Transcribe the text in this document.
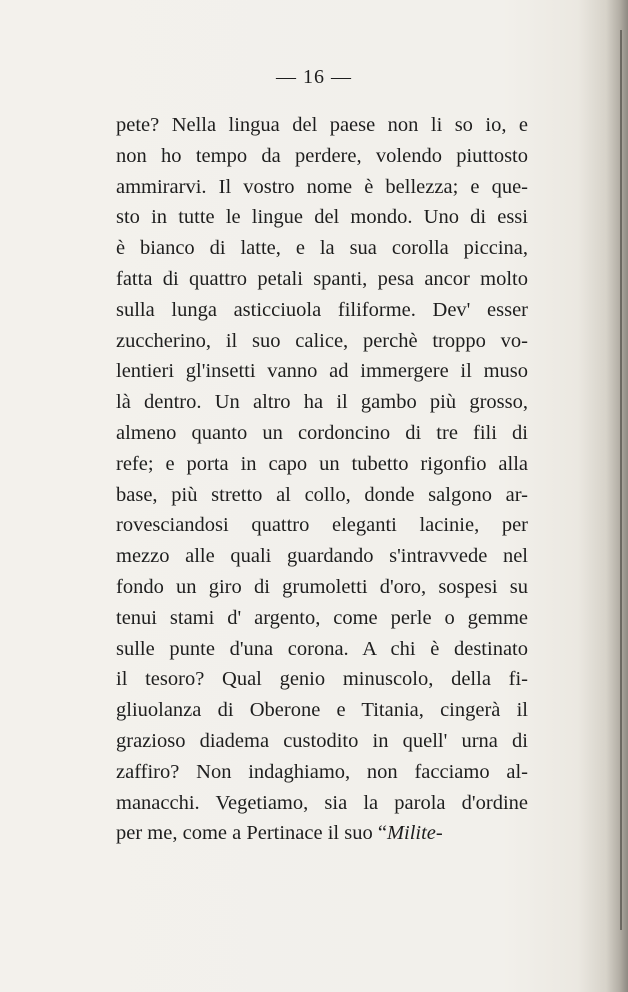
— 16 —
pete? Nella lingua del paese non li so io, e
non ho tempo da perdere, volendo piuttosto
ammirarvi. Il vostro nome è bellezza; e que-
sto in tutte le lingue del mondo. Uno di essi
è bianco di latte, e la sua corolla piccina,
fatta di quattro petali spanti, pesa ancor molto
sulla lunga asticciuola filiforme. Dev' esser
zuccherino, il suo calice, perchè troppo vo-
lentieri gl'insetti vanno ad immergere il muso
là dentro. Un altro ha il gambo più grosso,
almeno quanto un cordoncino di tre fili di
refe; e porta in capo un tubetto rigonfio alla
base, più stretto al collo, donde salgono ar-
rovesciandosi quattro eleganti lacinie, per
mezzo alle quali guardando s'intravvede nel
fondo un giro di grumoletti d'oro, sospesi su
tenui stami d' argento, come perle o gemme
sulle punte d'una corona. A chi è destinato
il tesoro? Qual genio minuscolo, della fi-
gliuolanza di Oberone e Titania, cingerà il
grazioso diadema custodito in quell' urna di
zaffiro? Non indaghiamo, non facciamo al-
manacchi. Vegetiamo, sia la parola d'ordine
per me, come a Pertinace il suo “Milite-
